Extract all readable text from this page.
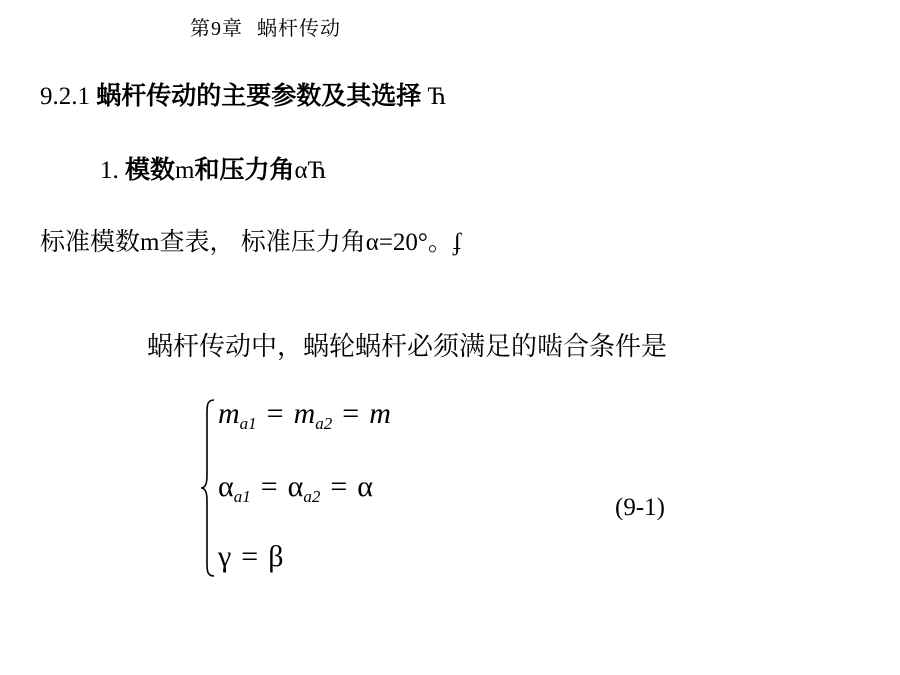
第9章 蜗杆传动
9.2.1 蜗杆传动的主要参数及其选择 Ћ
1. 模数m和压力角αЋ
标准模数m查表， 标准压力角α=20°。ʄ
蜗杆传动中，蜗轮蜗杆必须满足的啮合条件是
$m_{a1} = m_{a2} = m$
$\alpha_{a1} = \alpha_{a2} = \alpha$
γ = β
(9-1)
